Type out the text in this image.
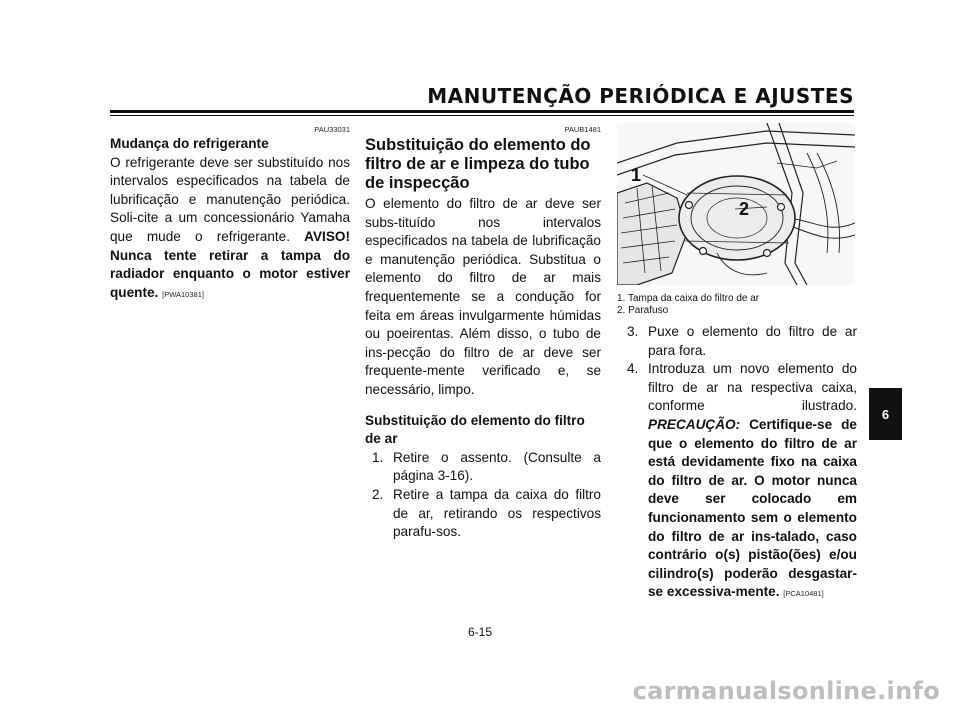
MANUTENÇÃO PERIÓDICA E AJUSTES
PAU33031
Mudança do refrigerante

O refrigerante deve ser substituído nos intervalos especificados na tabela de lubrificação e manutenção periódica. Soli-cite a um concessionário Yamaha que mude o refrigerante. AVISO! Nunca tente retirar a tampa do radiador enquanto o motor estiver quente. [PWA10381]

PAUB1481
Substituição do elemento do filtro de ar e limpeza do tubo de inspecção

O elemento do filtro de ar deve ser subs-tituído nos intervalos especificados na tabela de lubrificação e manutenção periódica. Substitua o elemento do filtro de ar mais frequentemente se a condução for feita em áreas invulgarmente húmidas ou poeirentas. Além disso, o tubo de ins-pecção do filtro de ar deve ser frequente-mente verificado e, se necessário, limpo.

Substituição do elemento do filtro de ar
1. Retire o assento. (Consulte a página 3-16).
2. Retire a tampa da caixa do filtro de ar, retirando os respectivos parafu-sos.
1
2
1. Tampa da caixa do filtro de ar
2. Parafuso
3. Puxe o elemento do filtro de ar para fora.
4. Introduza um novo elemento do filtro de ar na respectiva caixa, conforme ilustrado. PRECAUÇÃO: Certifique-se de que o elemento do filtro de ar está devidamente fixo na caixa do filtro de ar. O motor nunca deve ser colocado em funcionamento sem o elemento do filtro de ar ins-talado, caso contrário o(s) pistão(ões) e/ou cilindro(s) poderão desgastar-se excessiva-mente. [PCA10481]
6
6-15
carmanualsonline.info
